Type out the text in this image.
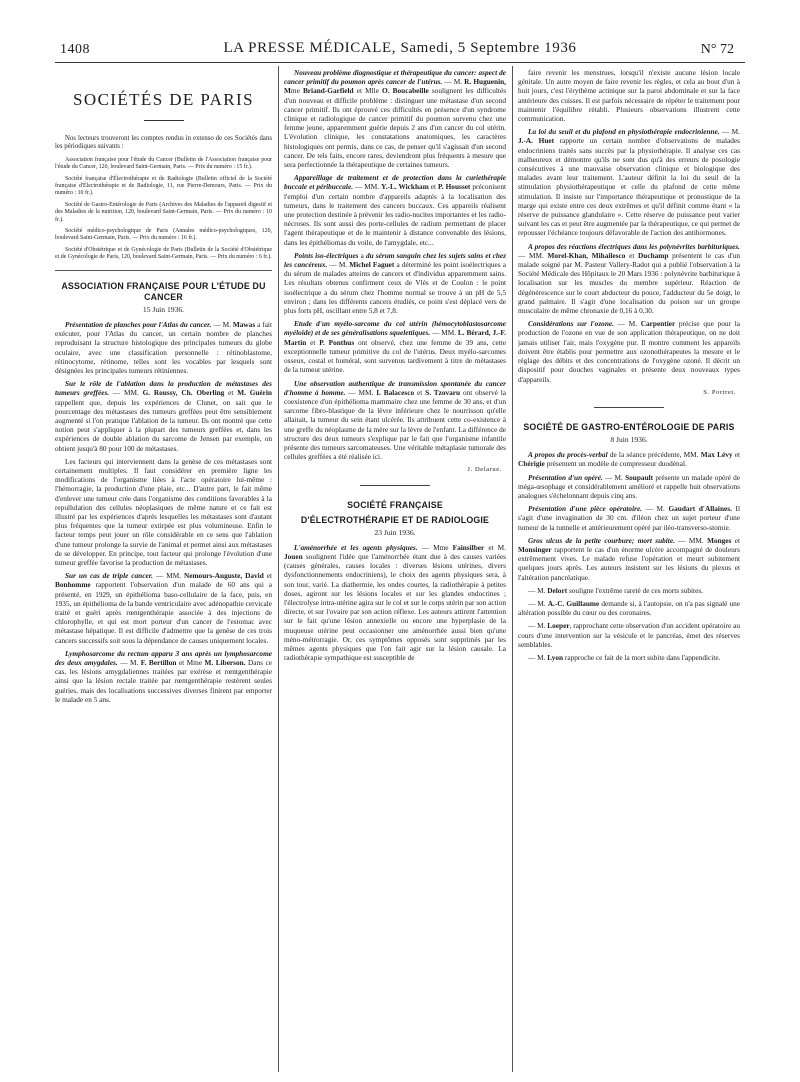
1408	LA PRESSE MÉDICALE, Samedi, 5 Septembre 1936	N° 72
SOCIÉTÉS DE PARIS
Nos lecteurs trouveront les comptes rendus in extenso de ces Sociétés dans les périodiques suivants :
Association française pour l'étude du Cancer (Bulletin de l'Association française pour l'étude du Cancer, 120, boulevard Saint-Germain, Paris. — Prix du numéro : 15 fr.).
Société française d'Électrothérapie et de Radiologie (Bulletin officiel de la Société française d'Électrothérapie et de Radiologie, 11, rue Pierre-Demours, Paris. — Prix du numéro : 10 fr.).
Société de Gastro-Entérologie de Paris (Archives des Maladies de l'appareil digestif et des Maladies de la nutrition, 120, boulevard Saint-Germain, Paris. — Prix du numéro : 10 fr.).
Société médico-psychologique de Paris (Annales médico-psychologiques, 120, boulevard Saint-Germain, Paris. — Prix du numéro : 16 fr.).
Société d'Obstétrique et de Gynécologie de Paris (Bulletin de la Société d'Obstétrique et de Gynécologie de Paris, 120, boulevard Saint-Germain, Paris. — Prix du numéro : 6 fr.).
ASSOCIATION FRANÇAISE POUR L'ÉTUDE DU CANCER
15 Juin 1936.
Présentation de planches pour l'Atlas du cancer. — M. Mawas a fait exécuter, pour l'Atlas du cancer, un certain nombre de planches reproduisant la structure histologique des principales tumeurs du globe oculaire, avec une classification personnelle : rétinoblastome, rétinocytome, rétinome, telles sont les vocables par lesquels sont désignées les principales tumeurs rétiniennes.
Sur le rôle de l'ablation dans la production de métastases des tumeurs greffées. — MM. G. Roussy, Ch. Oberling et M. Guérin rappellent que, depuis les expériences de Clunet, on sait que le pourcentage des métastases des tumeurs greffées peut être sensiblement augmenté si l'on pratique l'ablation de la tumeur. Ils ont montré que cette notion peut s'appliquer à la plupart des tumeurs greffées et, dans les expériences de double ablation du sarcome de Jensen par exemple, on obtient jusqu'à 80 pour 100 de métastases.
Les facteurs qui interviennent dans la genèse de ces métastases sont certainement multiples. Il faut considérer en première ligne les modifications de l'organisme liées à l'acte opératoire lui-même : l'hémorragie, la production d'une plaie, etc... D'autre part, le fait même d'enlever une tumeur crée dans l'organisme des conditions favorables à la repullulation des cellules néoplasiques de même nature et ce fait est illustré par les expériences d'après lesquelles les métastases sont d'autant plus fréquentes que la tumeur extirpée est plus volumineuse. Enfin le facteur temps peut jouer un rôle considérable en ce sens que l'ablation d'une tumeur prolonge la survie de l'animal et permet ainsi aux métastases de se développer. En principe, tout facteur qui prolonge l'évolution d'une tumeur greffée favorise la production de métastases.
Sur un cas de triple cancer. — MM. Nemours-Auguste, David et Bonhomme rapportent l'observation d'un malade de 60 ans qui a présenté, en 1929, un épithélioma baso-cellulaire de la face, puis, en 1935, un épithélioma de la bande ventriculaire avec adénopathie cervicale traité et guéri après rœntgenthérapie associée à des injections de chlorophylle, et qui est mort porteur d'un cancer de l'estomac avec métastase hépatique. Il est difficile d'admettre que la genèse de ces trois cancers successifs soit sous la dépendance de causes uniquement locales.
Lymphosarcome du rectum apparu 3 ans après un lymphosarcome des deux amygdales. — M. F. Bertillon et Mme M. Liberson. Dans ce cas, les lésions amygdaliennes traitées par exérèse et rœntgenthérapie ainsi que la lésion rectale traitée par rœntgenthérapie restèrent seules guéries, mais des localisations successives diverses finirent par emporter le malade en 5 ans.
Nouveau problème diagnostique et thérapeutique du cancer: aspect de cancer primitif du poumon après cancer de l'utérus. — M. R. Huguenin, Mme Briand-Garfield et Mlle O. Boucabeille soulignent les difficultés d'un nouveau et difficile problème : distinguer une métastase d'un second cancer primitif. Ils ont éprouvé ces difficultés en présence d'un syndrome clinique et radiologique de cancer primitif du poumon survenu chez une femme jeune, apparemment guérie depuis 2 ans d'un cancer du col utérin. L'évolution clinique, les constatations anatomiques, les caractères histologiques ont permis, dans ce cas, de penser qu'il s'agissait d'un second cancer. De tels faits, encore rares, deviendront plus fréquents à mesure que sera perfectionnée la thérapeutique de certaines tumeurs.
Appareillage de traitement et de protection dans la curiethérapie buccale et péribuccale. — MM. Y.-L. Wickham et P. Housset préconisent l'emploi d'un certain nombre d'appareils adaptés à la localisation des tumeurs, dans le traitement des cancers buccaux. Ces appareils réalisent une protection destinée à prévenir les radio-nucites importantes et les radio-nécroses. Ils sont aussi des porte-cellules de radium permettant de placer l'agent thérapeutique et de le maintenir à distance convenable des lésions, dans les épithéliomas du voile, de l'amygdale, etc...
Points iso-électriques a du sérum sanguin chez les sujets sains et chez les cancéreux. — M. Michel Faguet a déterminé les point isoélectriques a du sérum de malades atteints de cancers et d'individus apparemment sains. Les résultats obtenus confirment ceux de Vlès et de Coulon : le point isoélectrique a du sérum chez l'homme normal se trouve à un pH de 5,5 environ ; dans les différents cancers étudiés, ce point s'est déplacé vers de plus forts pH, oscillant entre 5,8 et 7,8.
Etude d'un myélo-sarcome du col utérin (hémocytoblastosarcome myéloïde) et de ses généralisations squelettiques. — MM. L. Bérard, J.-F. Martin et P. Ponthus ont observé, chez une femme de 39 ans, cette exceptionnelle tumeur primitive du col de l'utérus. Deux myélo-sarcomes osseux, costal et huméral, sont survenus tardivement à titre de métastases de la tumeur utérine.
Une observation authentique de transmission spontanée du cancer d'homme à homme. — MM. I. Balacesco et S. Tzovaru ont observé la coexistence d'un épithélioma mammaire chez une femme de 30 ans, et d'un sarcome fibro-blastique de la lèvre inférieure chez le nourrisson qu'elle allaitait, la tumeur du sein étant ulcérée. Ils attribuent cette co-existence à une greffe du néoplasme de la mère sur la lèvre de l'enfant. La différence de structure des deux tumeurs s'explique par le fait que l'organisme infantile présente des tumeurs sarcomateuses. Une véritable métaplasie tumorale des cellules greffées a été réalisée ici.
J. Delarue.
SOCIÉTÉ FRANÇAISE
D'ÉLECTROTHÉRAPIE ET DE RADIOLOGIE
23 Juin 1936.
L'aménorrhée et les agents physiques. — Mme Fainsilber et M. Jouen soulignent l'idée que l'aménorrhée étant due à des causes variées (causes générales, causes locales : diverses lésions utérines, divers dysfonctionnements endocriniens), le choix des agents physiques sera, à son tour, varié. La diathermie, les ondes courtes, la radiothérapie à petites doses, agiront sur les lésions locales et sur les glandes endocrines ; l'électrolyse intra-utérine agira sur le col et sur le corps utérin par son action directe, et sur l'ovaire par son action réflexe. Les auteurs attirent l'attention sur le fait qu'une lésion annexielle ou encore une hyperplasie de la muqueuse utérine peut occasionner une aménorrhée aussi bien qu'une méno-métrorragie. Or, ces symptômes opposés sont supprimés par les mêmes agents physiques que l'on fait agir sur la lésion causale. La radiothérapie sympathique est susceptible de
faire revenir les menstrues, lorsqu'il n'existe aucune lésion locale génitale. Un autre moyen de faire revenir les règles, et cela au bout d'un à huit jours, c'est l'érythème actinique sur la paroi abdominale et sur la face antérieure des cuisses. Il est parfois nécessaire de répéter le traitement pour maintenir l'équilibre rétabli. Plusieurs observations illustrent cette communication.
La loi du seuil et du plafond en physiothérapie endocrinienne. — M. J.-A. Huet rapporte un certain nombre d'observations de malades endocriniens traités sans succès par la physiothérapie. Il analyse ces cas malheureux et démontre qu'ils ne sont dus qu'à des erreurs de posologie consécutives à une mauvaise observation clinique et biologique des malades avant leur traitement. L'auteur définit la loi du seuil de la stimulation physiothérapeutique et celle du plafond de cette même stimulation. Il insiste sur l'importance thérapeutique et pronostique de la marge qui existe entre ces deux extrêmes et qu'il définit comme étant « la réserve de puissance glandulaire ». Cette réserve de puissance peut varier suivant les cas et peut être augmentée par la thérapeutique, ce qui permet de repousser l'échéance toujours défavorable de l'action des antihormones.
A propos des réactions électriques dans les polynévrites barbituriques. — MM. Morel-Khan, Mihailesco et Duchamp présentent le cas d'un malade soigné par M. Pasteur Vallery-Radot qui a publié l'observation à la Société Médicale des Hôpitaux le 20 Mars 1936 : polynévrite barbiturique à localisation sur les muscles du membre supérieur. Réaction de dégénérescence sur le court abducteur du pouce, l'adducteur du 5e doigt, le grand palmaire. Il s'agit d'une localisation du poison sur un groupe musculaire de même chronaxie de 0,16 à 0,30.
Considérations sur l'ozone. — M. Carpentier précise que pour la production de l'ozone en vue de son application thérapeutique, on ne doit jamais utiliser l'air, mais l'oxygène pur. Il montre comment les appareils doivent être établis pour permettre aux ozonothérapeutes la mesure et le réglage des débits et des concentrations de l'oxygène ozoné. Il décrit un dispositif pour douches vaginales et présente deux nouveaux types d'appareils.
S. Portret.
SOCIÉTÉ DE GASTRO-ENTÉROLOGIE DE PARIS
8 Juin 1936.
A propos du procès-verbal de la séance précédente, MM. Max Lévy et Chérigie présentent un modèle de compresseur duodénal.
Présentation d'un opéré. — M. Soupault présente un malade opéré de méga-œsophage et considérablement amélioré et rappelle huit observations analogues s'échelonnant depuis cinq ans.
Présentation d'une pièce opératoire. — M. Gaudart d'Allaines. Il s'agit d'une invagination de 30 cm. d'iléon chez un sujet porteur d'une tumeur de la tunnelle et antérieurement opéré par iléo-transverso-stomie.
Gros ulcus de la petite courbure; mort subite. — MM. Monges et Monsinger rapportent le cas d'un énorme ulcère accompagné de douleurs extrêmement vives. Le malade refuse l'opération et meurt subitement quelques jours après. Les auteurs insistent sur les lésions du plexus et l'altération pancréatique.
— M. Delort souligne l'extrême rareté de ces morts subites.
— M. A.-C. Guillaume demande si, à l'autopsie, on n'a pas signalé une altération possible du cœur ou des coronaires.
— M. Loeper, rapprochant cette observation d'un accident opératoire au cours d'une intervention sur la vésicule et le pancréas, émet des réserves semblables.
— M. Lyon rapproche ce fait de la mort subite dans l'appendicite.
